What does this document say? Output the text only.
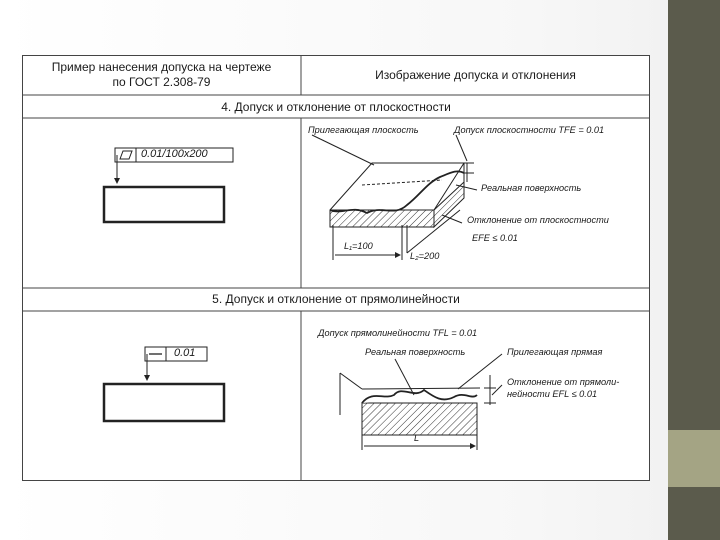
Пример нанесения допуска на чертеже
по ГОСТ 2.308-79	Изображение допуска и отклонения
4. Допуск и отклонение от плоскостности
0.01/100x200
Прилегающая плоскость	Допуск плоскостности TFE = 0.01
Реальная поверхность
Отклонение от плоскостности
EFE ≤ 0.01
L₁=100
L₂=200
5. Допуск и отклонение от прямолинейности
0.01
Допуск прямолинейности TFL = 0.01
Реальная поверхность	Прилегающая прямая
Отклонение от прямоли-
нейности EFL ≤ 0.01
L
